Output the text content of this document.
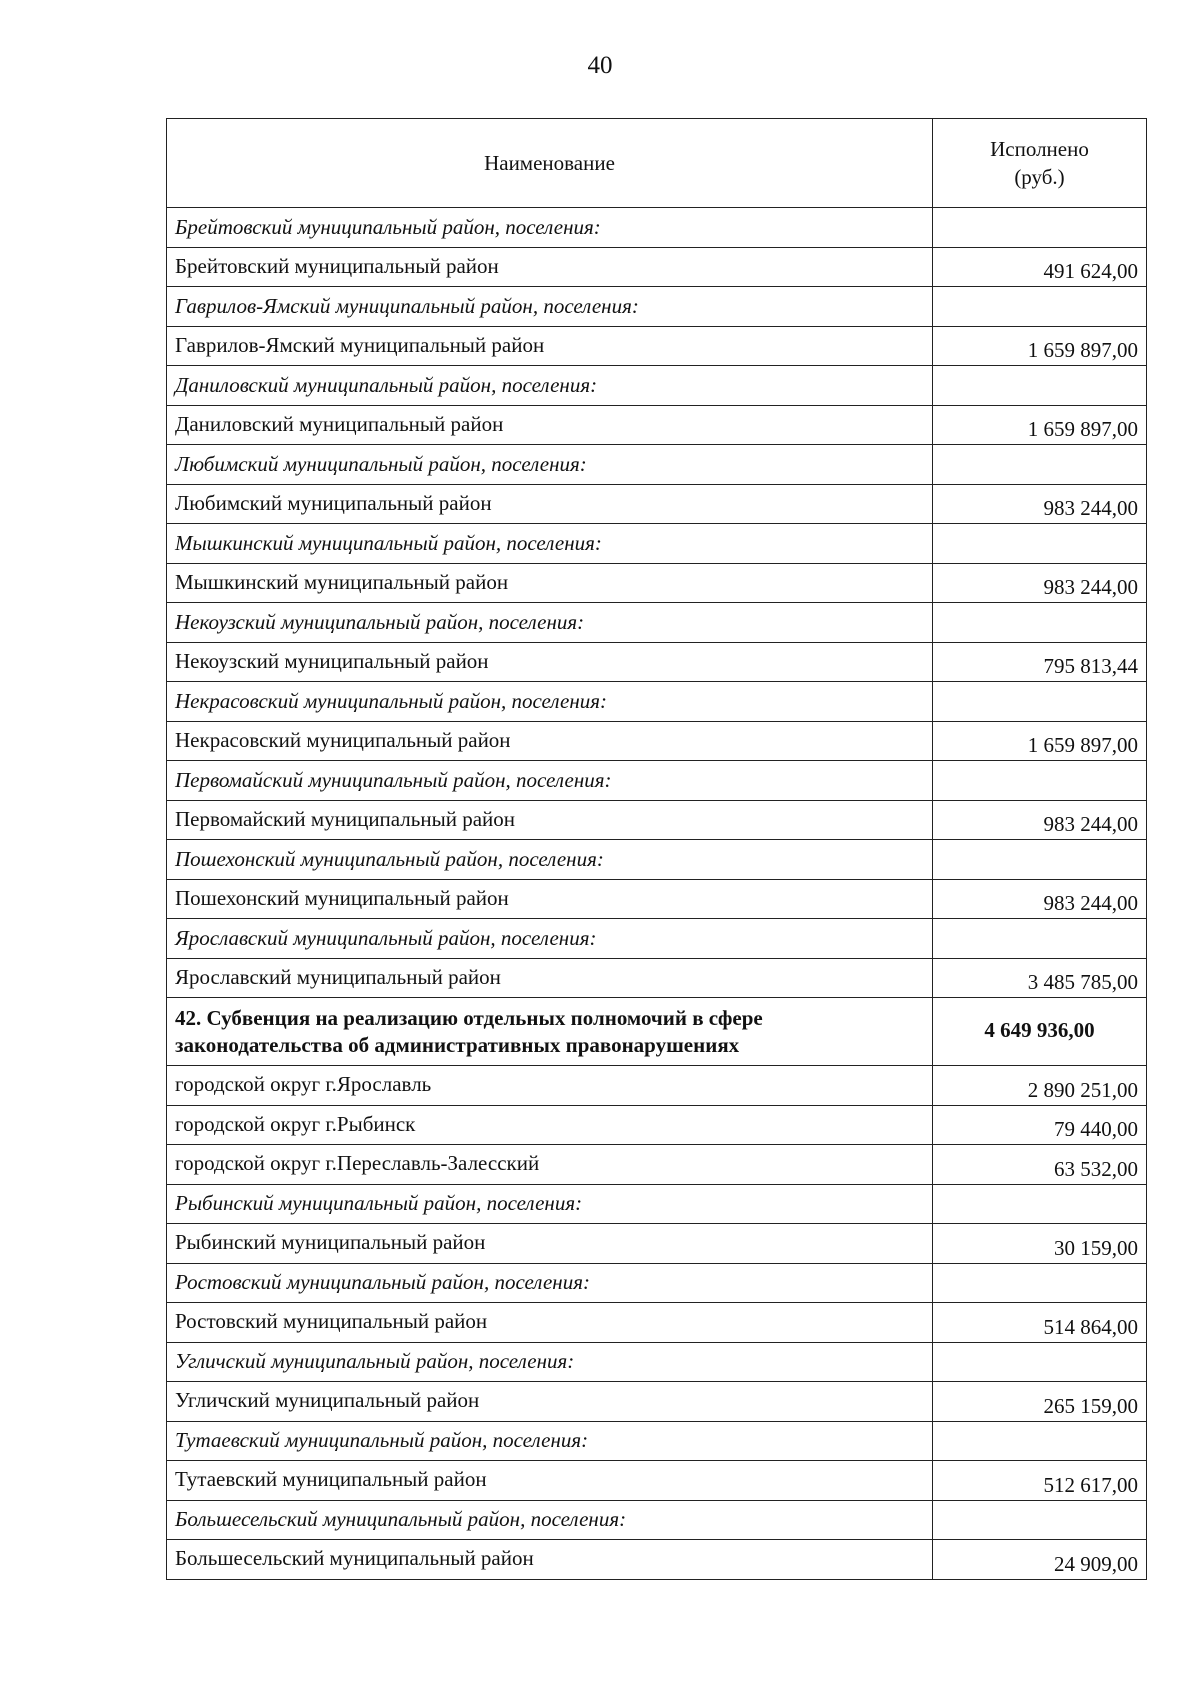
40
Наименование	Исполнено
(руб.)
Брейтовский муниципальный район, поселения:	
Брейтовский муниципальный район	491 624,00
Гаврилов-Ямский муниципальный район, поселения:	
Гаврилов-Ямский муниципальный район	1 659 897,00
Даниловский муниципальный район, поселения:	
Даниловский муниципальный район	1 659 897,00
Любимский муниципальный район, поселения:	
Любимский муниципальный район	983 244,00
Мышкинский муниципальный район, поселения:	
Мышкинский муниципальный район	983 244,00
Некоузский муниципальный район, поселения:	
Некоузский муниципальный район	795 813,44
Некрасовский муниципальный район, поселения:	
Некрасовский муниципальный район	1 659 897,00
Первомайский муниципальный район, поселения:	
Первомайский муниципальный район	983 244,00
Пошехонский муниципальный район, поселения:	
Пошехонский муниципальный район	983 244,00
Ярославский муниципальный район, поселения:	
Ярославский муниципальный район	3 485 785,00
42. Субвенция на реализацию отдельных полномочий в сфере законодательства об административных правонарушениях	4 649 936,00
городской округ г.Ярославль	2 890 251,00
городской округ г.Рыбинск	79 440,00
городской округ г.Переславль-Залесский	63 532,00
Рыбинский муниципальный район, поселения:	
Рыбинский муниципальный район	30 159,00
Ростовский муниципальный район, поселения:	
Ростовский муниципальный район	514 864,00
Угличский муниципальный район, поселения:	
Угличский муниципальный район	265 159,00
Тутаевский муниципальный район, поселения:	
Тутаевский муниципальный район	512 617,00
Большесельский муниципальный район, поселения:	
Большесельский муниципальный район	24 909,00
